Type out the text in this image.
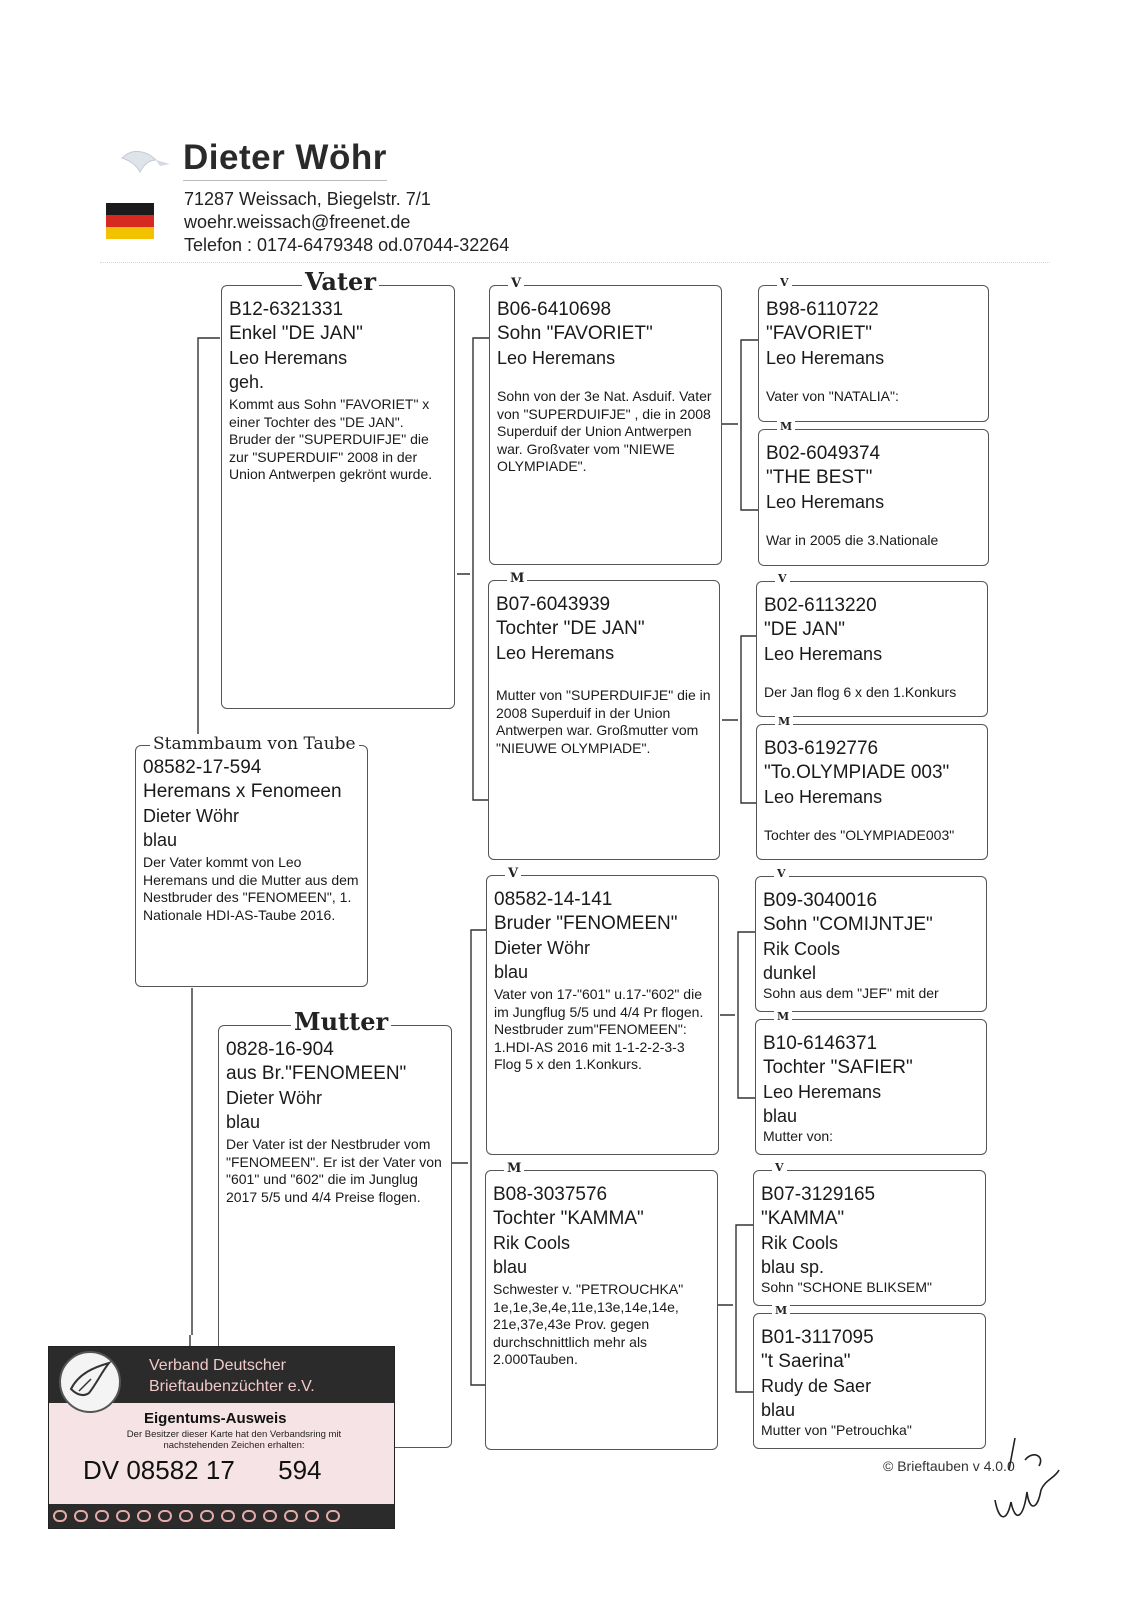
Dieter Wöhr
71287 Weissach, Biegelstr. 7/1
woehr.weissach@freenet.de
Telefon : 0174-6479348 od.07044-32264
Vater
B12-6321331
Enkel "DE JAN"
Leo Heremans
geh.
Kommt aus Sohn "FAVORIET" x einer Tochter des "DE JAN". Bruder der "SUPERDUIFJE" die zur "SUPERDUIF" 2008 in der Union Antwerpen gekrönt wurde.
Stammbaum von Taube
08582-17-594
Heremans x Fenomeen
Dieter Wöhr
blau
Der Vater kommt von Leo Heremans und die Mutter aus dem Nestbruder des "FENOMEEN", 1. Nationale HDI-AS-Taube 2016.
Mutter
0828-16-904
aus Br."FENOMEEN"
Dieter Wöhr
blau
Der Vater ist der Nestbruder vom "FENOMEEN". Er ist der Vater von "601" und "602" die im Junglug 2017 5/5 und 4/4 Preise flogen.
V
B06-6410698
Sohn "FAVORIET"
Leo Heremans
Sohn von der 3e Nat. Asduif. Vater von "SUPERDUIFJE" , die in 2008 Superduif der Union Antwerpen war. Großvater vom "NIEWE OLYMPIADE".
M
B07-6043939
Tochter "DE JAN"
Leo Heremans
Mutter von "SUPERDUIFJE" die in 2008 Superduif in der Union Antwerpen war. Großmutter vom "NIEUWE OLYMPIADE".
V
08582-14-141
Bruder "FENOMEEN"
Dieter Wöhr
blau
Vater von 17-"601" u.17-"602" die im Jungflug 5/5 und 4/4 Pr flogen. Nestbruder zum"FENOMEEN": 1.HDI-AS 2016 mit 1-1-2-2-3-3 Flog 5 x den 1.Konkurs.
M
B08-3037576
Tochter "KAMMA"
Rik Cools
blau
Schwester v. "PETROUCHKA" 1e,1e,3e,4e,11e,13e,14e,14e, 21e,37e,43e Prov. gegen durchschnittlich mehr als 2.000Tauben.
V
B98-6110722
"FAVORIET"
Leo Heremans
Vater von "NATALIA":
M
B02-6049374
"THE BEST"
Leo Heremans
War in 2005 die 3.Nationale
V
B02-6113220
"DE JAN"
Leo Heremans
Der Jan flog 6 x den 1.Konkurs
M
B03-6192776
"To.OLYMPIADE 003"
Leo Heremans
Tochter des "OLYMPIADE003"
V
B09-3040016
Sohn "COMIJNTJE"
Rik Cools
dunkel
Sohn aus dem "JEF" mit der
M
B10-6146371
Tochter "SAFIER"
Leo Heremans
blau
Mutter von:
V
B07-3129165
"KAMMA"
Rik Cools
blau sp.
Sohn "SCHONE BLIKSEM"
M
B01-3117095
"t Saerina"
Rudy de Saer
blau
Mutter von "Petrouchka"
Verband Deutscher
Brieftaubenzüchter e.V.
Eigentums-Ausweis
Der Besitzer dieser Karte hat den Verbandsring mit nachstehenden Zeichen erhalten:
DV 08582 17      594	© Brieftauben v 4.0.0
